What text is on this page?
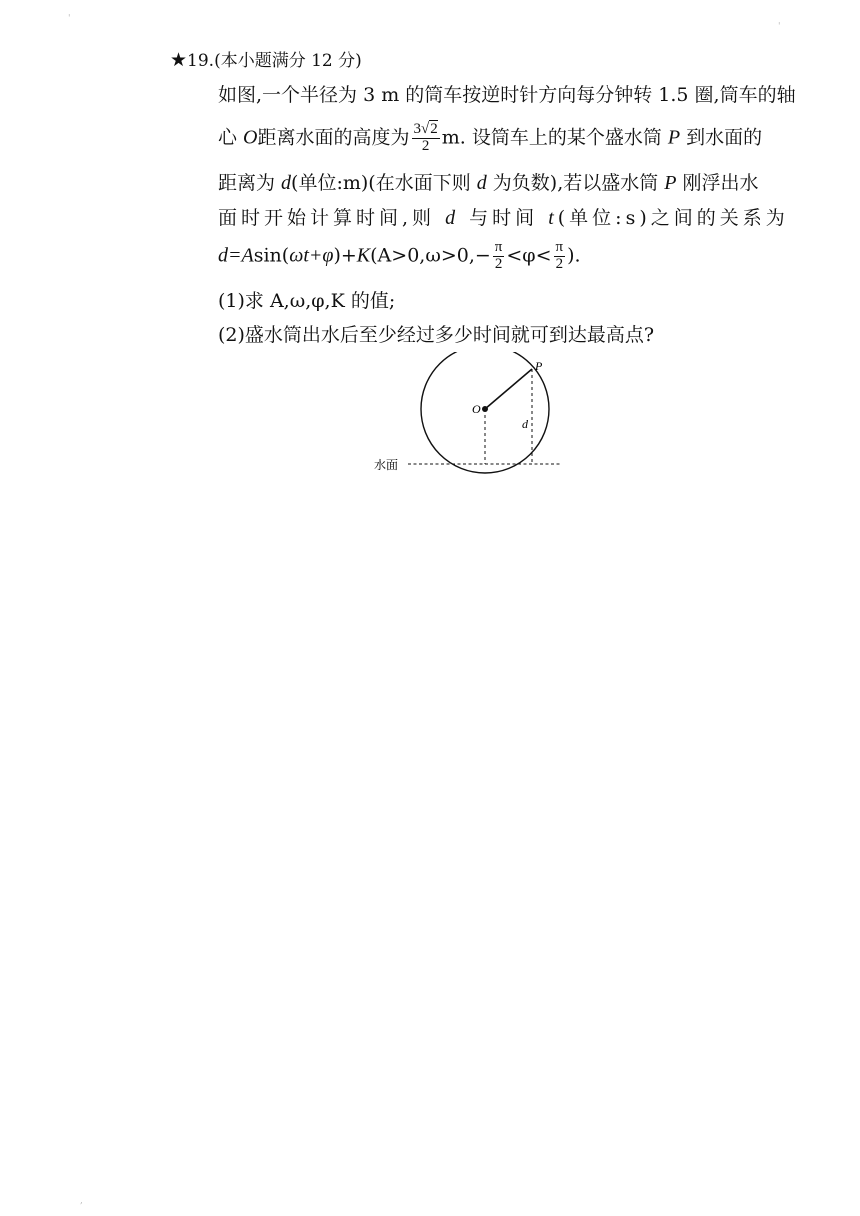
'
'
,
★19.(本小题满分 12 分)
如图,一个半径为 3 m 的筒车按逆时针方向每分钟转 1.5 圈,筒车的轴
心 O距离水面的高度为 $\frac{3√2}{2} m$. 设筒车上的某个盛水筒 P 到水面的
距离为 d(单位:m)(在水面下则 d 为负数),若以盛水筒 P 刚浮出水
面时开始计算时间,则 d 与时间 t(单位:s)之间的关系为
$d=Asin(\omega t+\varphi)+K(A>0,\omega>0,- \frac{\pi}{2} <\varphi< \frac{\pi}{2}$ ).
(1)求 A,ω,φ,K 的值;
(2)盛水筒出水后至少经过多少时间就可到达最高点?
O
P
d
水面
